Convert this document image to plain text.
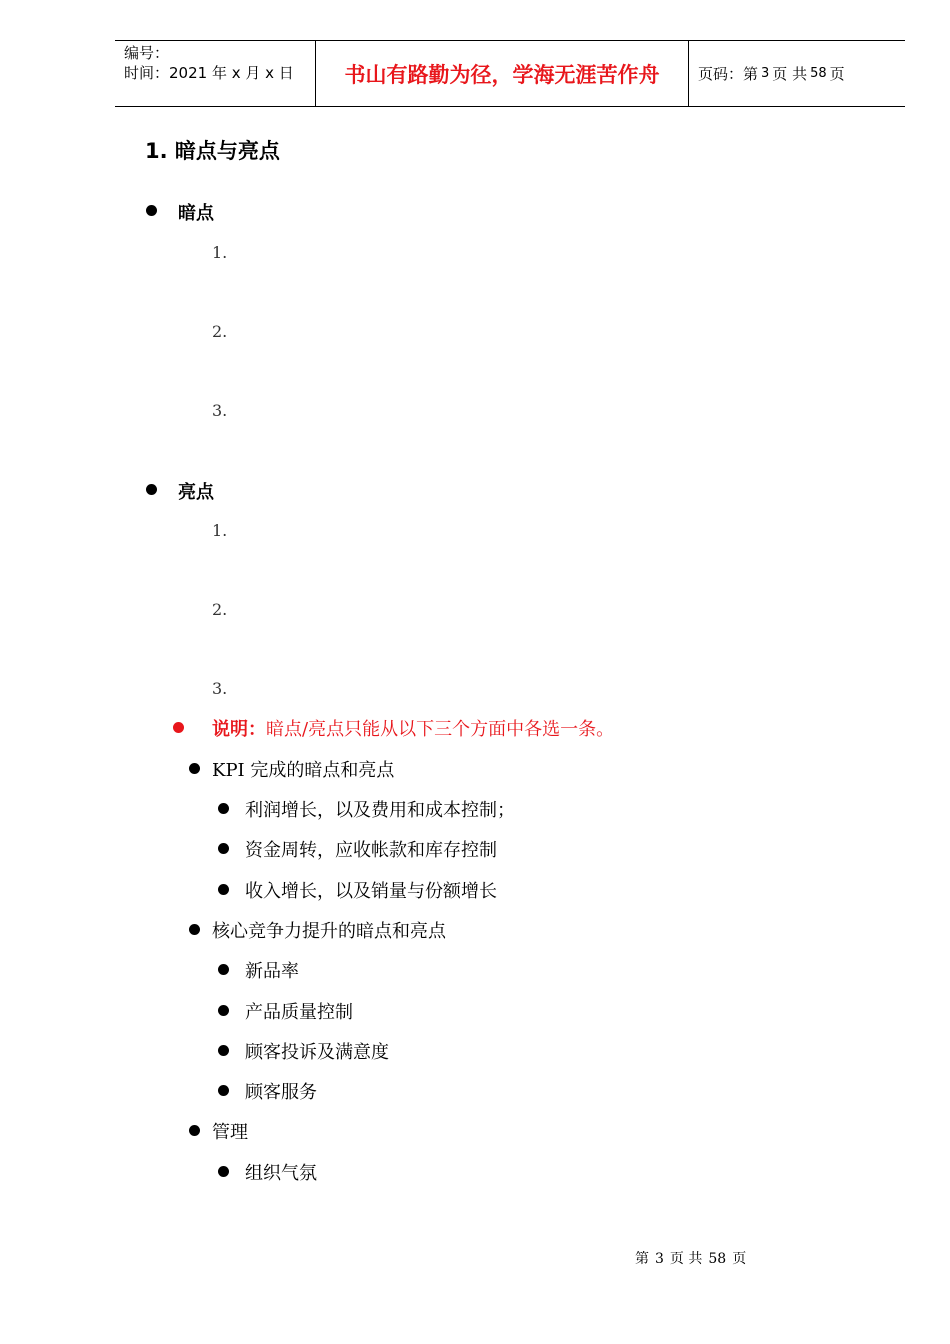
编号：
时间：2021 年 x 月 x 日	书山有路勤为径，学海无涯苦作舟	页码：第 3 页 共 58 页
1. 暗点与亮点
暗点
1.
2.
3.
亮点
1.
2.
3.
说明：暗点/亮点只能从以下三个方面中各选一条。
KPI 完成的暗点和亮点
利润增长，以及费用和成本控制；
资金周转，应收帐款和库存控制
收入增长，以及销量与份额增长
核心竞争力提升的暗点和亮点
新品率
产品质量控制
顾客投诉及满意度
顾客服务
管理
组织气氛
第 3 页 共 58 页
